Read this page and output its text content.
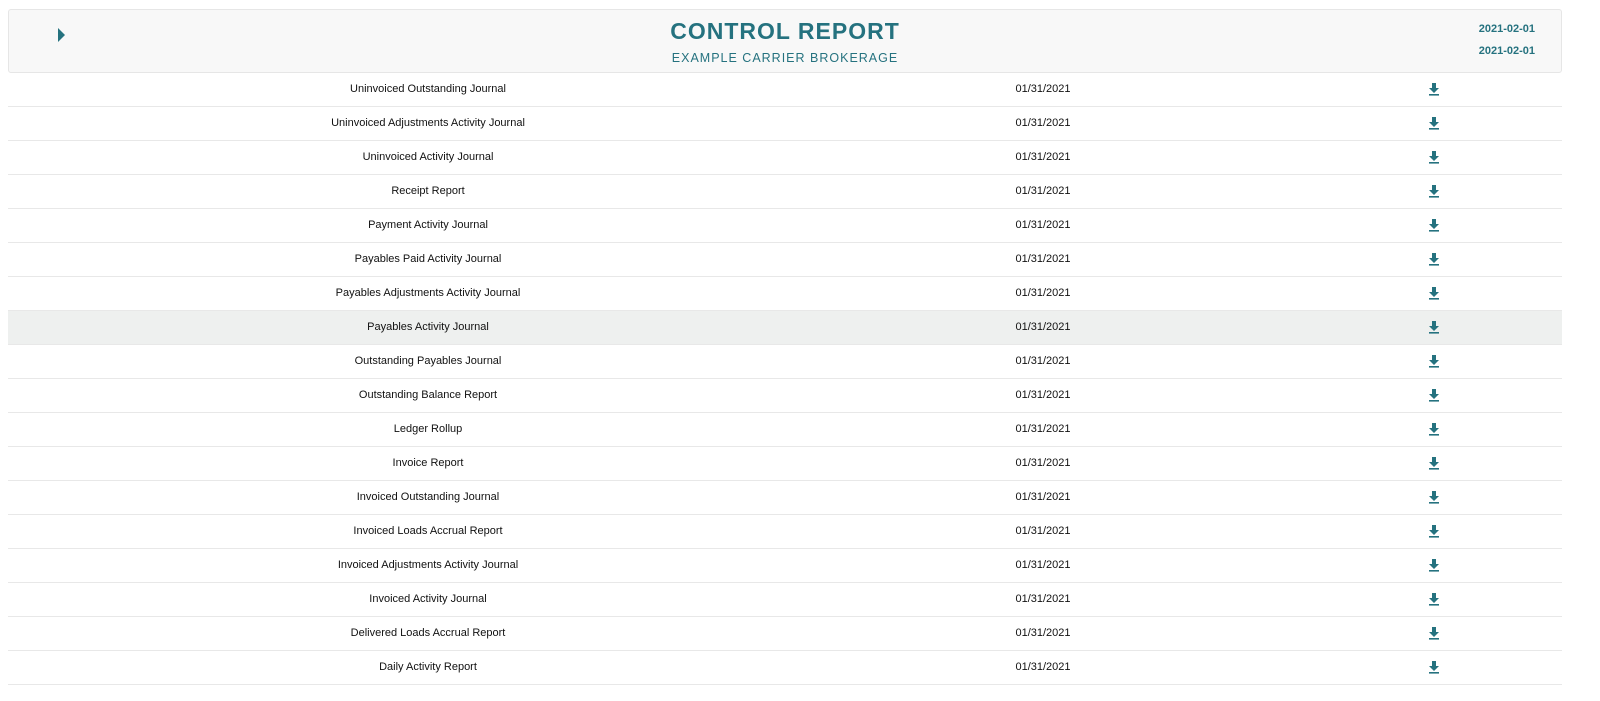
CONTROL REPORT
EXAMPLE CARRIER BROKERAGE
2021-02-01
2021-02-01
Uninvoiced Outstanding Journal	01/31/2021
Uninvoiced Adjustments Activity Journal	01/31/2021
Uninvoiced Activity Journal	01/31/2021
Receipt Report	01/31/2021
Payment Activity Journal	01/31/2021
Payables Paid Activity Journal	01/31/2021
Payables Adjustments Activity Journal	01/31/2021
Payables Activity Journal	01/31/2021
Outstanding Payables Journal	01/31/2021
Outstanding Balance Report	01/31/2021
Ledger Rollup	01/31/2021
Invoice Report	01/31/2021
Invoiced Outstanding Journal	01/31/2021
Invoiced Loads Accrual Report	01/31/2021
Invoiced Adjustments Activity Journal	01/31/2021
Invoiced Activity Journal	01/31/2021
Delivered Loads Accrual Report	01/31/2021
Daily Activity Report	01/31/2021
